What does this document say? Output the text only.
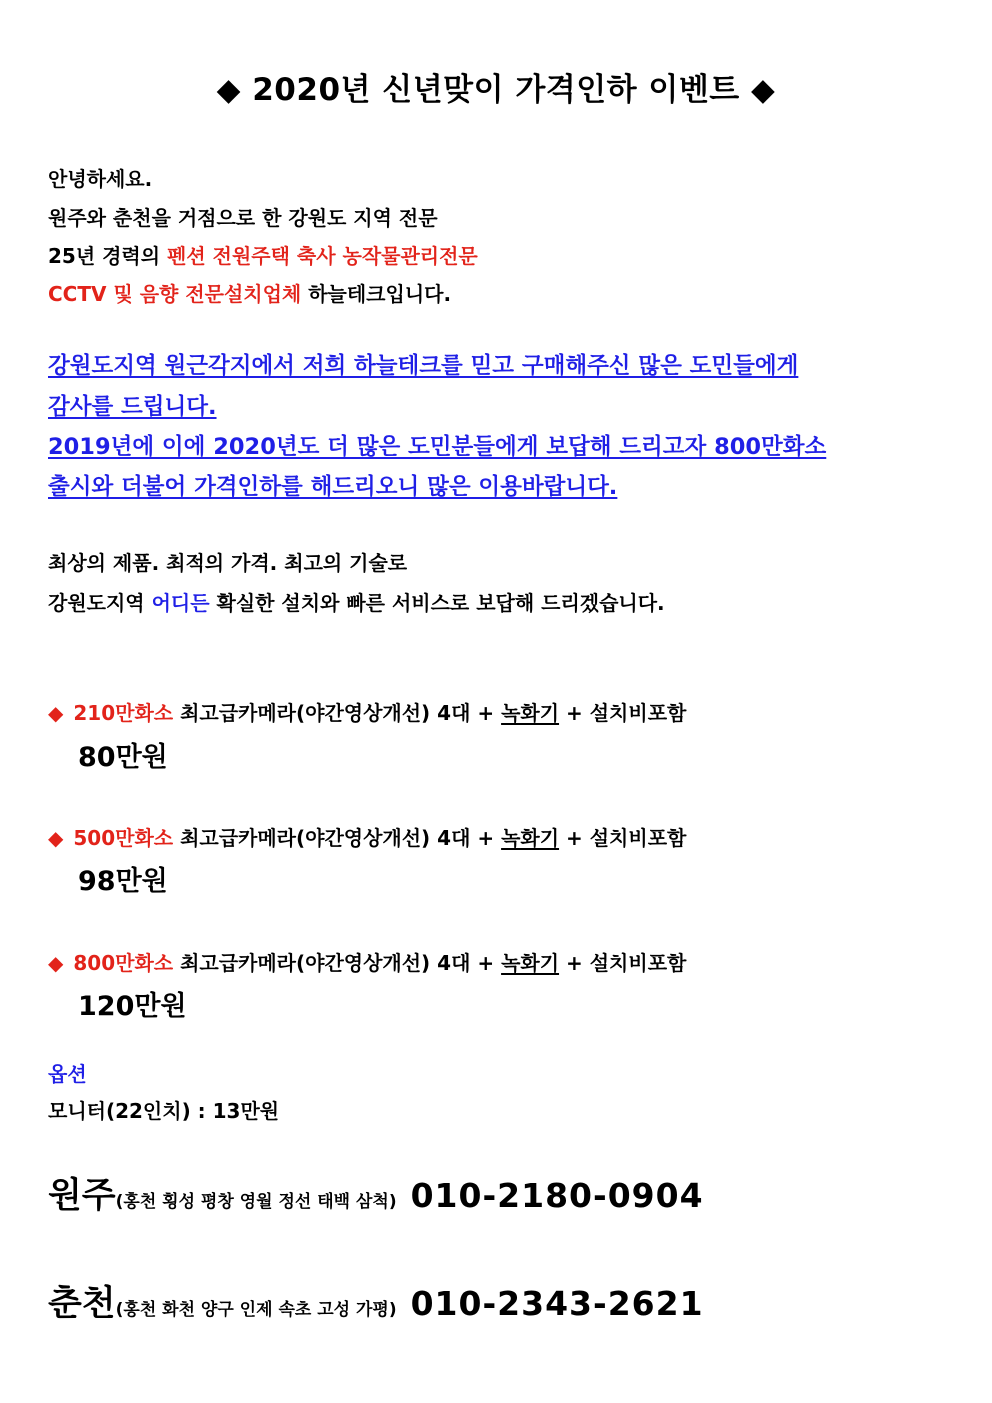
◆ 2020년 신년맞이 가격인하 이벤트 ◆
안녕하세요.
원주와 춘천을 거점으로 한 강원도 지역 전문
25년 경력의 펜션 전원주택 축사 농작물관리전문
CCTV 및 음향 전문설치업체 하늘테크입니다.
강원도지역 원근각지에서 저희 하늘테크를 믿고 구매해주신 많은 도민들에게
감사를 드립니다.
2019년에 이에 2020년도 더 많은 도민분들에게 보답해 드리고자 800만화소
출시와 더불어 가격인하를 해드리오니 많은 이용바랍니다.
최상의 제품. 최적의 가격. 최고의 기술로
강원도지역 어디든 확실한 설치와 빠른 서비스로 보답해 드리겠습니다.
◆ 210만화소 최고급카메라(야간영상개선) 4대 + 녹화기 + 설치비포함
80만원
◆ 500만화소 최고급카메라(야간영상개선) 4대 + 녹화기 + 설치비포함
98만원
◆ 800만화소 최고급카메라(야간영상개선) 4대 + 녹화기 + 설치비포함
120만원
옵션
모니터(22인치) : 13만원
원주(홍천 횡성 평창 영월 정선 태백 삼척) 010-2180-0904
춘천(홍천 화천 양구 인제 속초 고성 가평) 010-2343-2621
